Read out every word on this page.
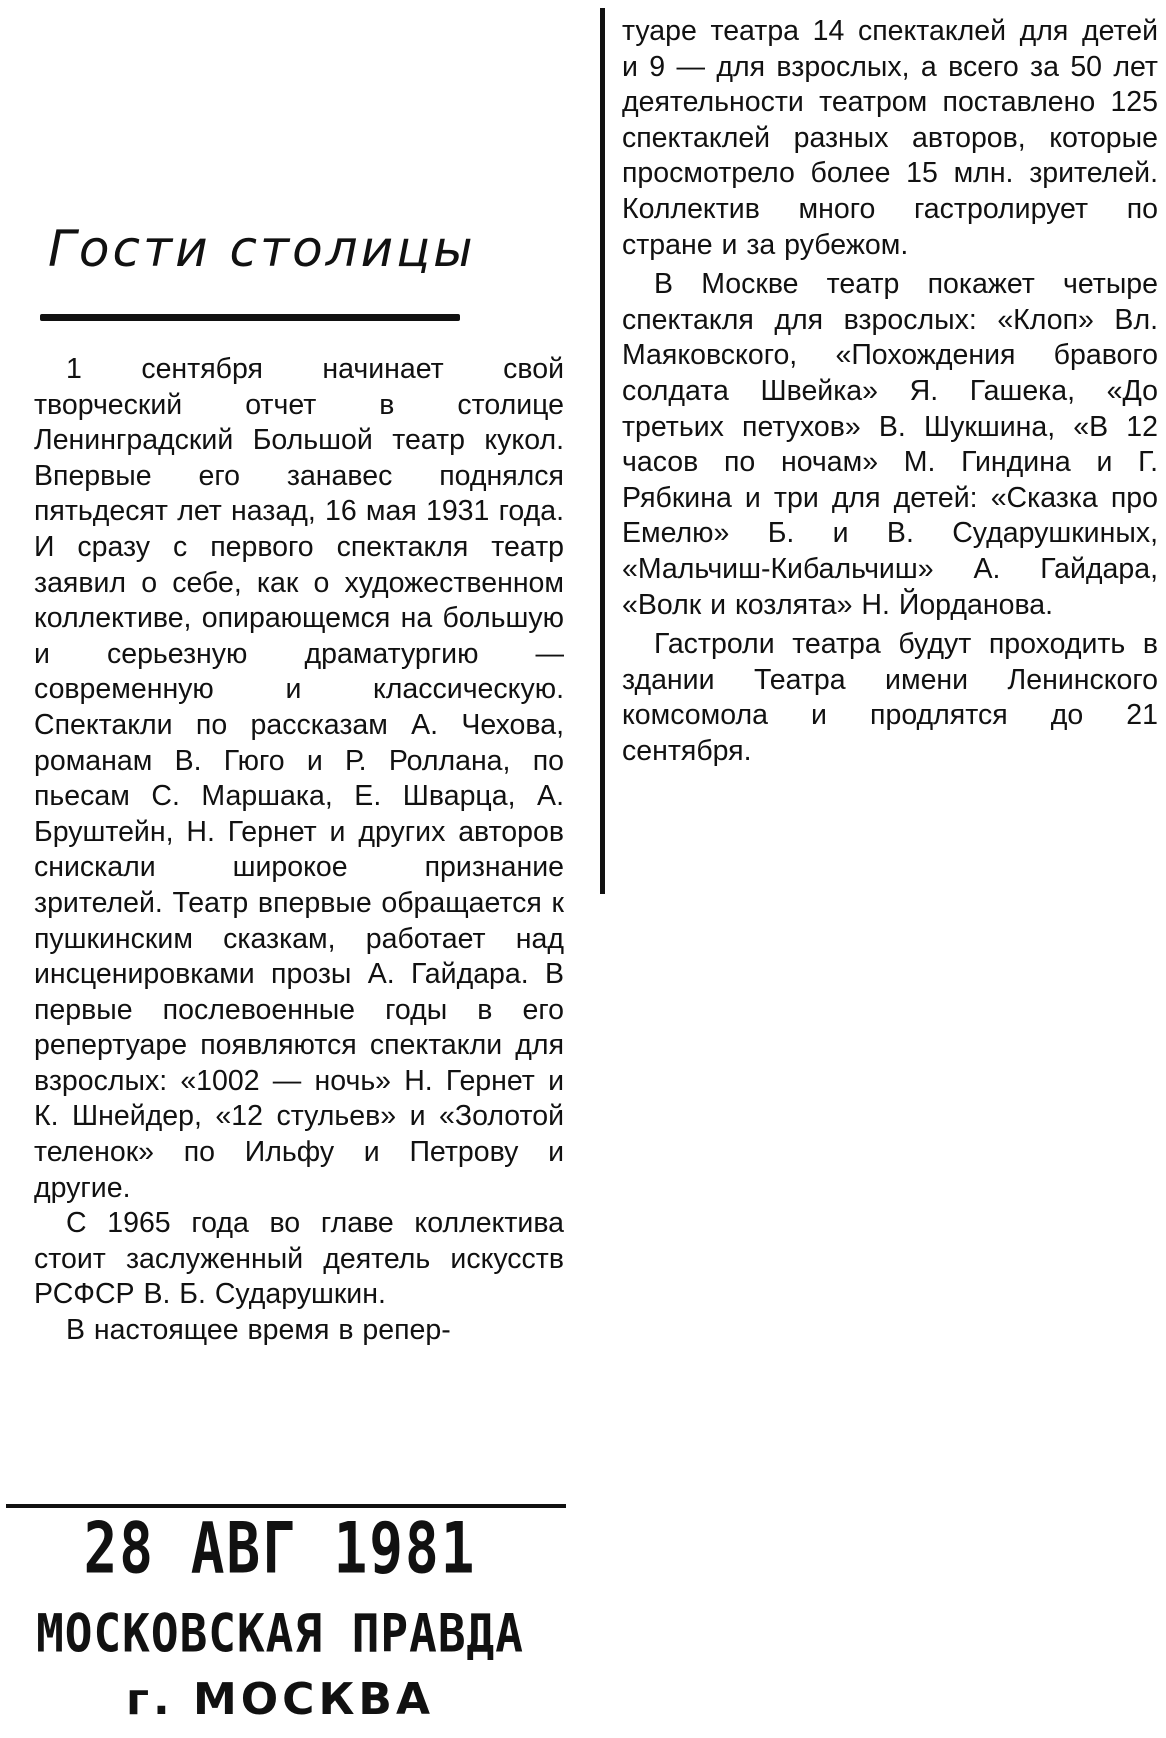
Гости столицы

1 сентября начинает свой творческий отчет в столице Ленинградский Большой театр кукол. Впервые его занавес поднялся пятьдесят лет назад, 16 мая 1931 года. И сразу с первого спектакля театр заявил о себе, как о художественном коллективе, опирающемся на большую и серьезную драматургию — современную и классическую. Спектакли по рассказам А. Чехова, романам В. Гюго и Р. Роллана, по пьесам С. Маршака, Е. Шварца, А. Бруштейн, Н. Гернет и других авторов снискали широкое признание зрителей. Театр впервые обращается к пушкинским сказкам, работает над инсценировками прозы А. Гайдара. В первые послевоенные годы в его репертуаре появляются спектакли для взрослых: «1002 — ночь» Н. Гернет и К. Шнейдер, «12 стульев» и «Золотой теленок» по Ильфу и Петрову и другие.

С 1965 года во главе коллектива стоит заслуженный деятель искусств РСФСР В. Б. Сударушкин.

В настоящее время в репер-

туаре театра 14 спектаклей для детей и 9 — для взрослых, а всего за 50 лет деятельности театром поставлено 125 спектаклей разных авторов, которые просмотрело более 15 млн. зрителей. Коллектив много гастролирует по стране и за рубежом.

В Москве театр покажет четыре спектакля для взрослых: «Клоп» Вл. Маяковского, «Похождения бравого солдата Швейка» Я. Гашека, «До третьих петухов» В. Шукшина, «В 12 часов по ночам» М. Гиндина и Г. Рябкина и три для детей: «Сказка про Емелю» Б. и В. Сударушкиных, «Мальчиш-Кибальчиш» А. Гайдара, «Волк и козлята» Н. Йорданова.

Гастроли театра будут проходить в здании Театра имени Ленинского комсомола и продлятся до 21 сентября.

28 АВГ 1981
МОСКОВСКАЯ ПРАВДА
г. МОСКВА
